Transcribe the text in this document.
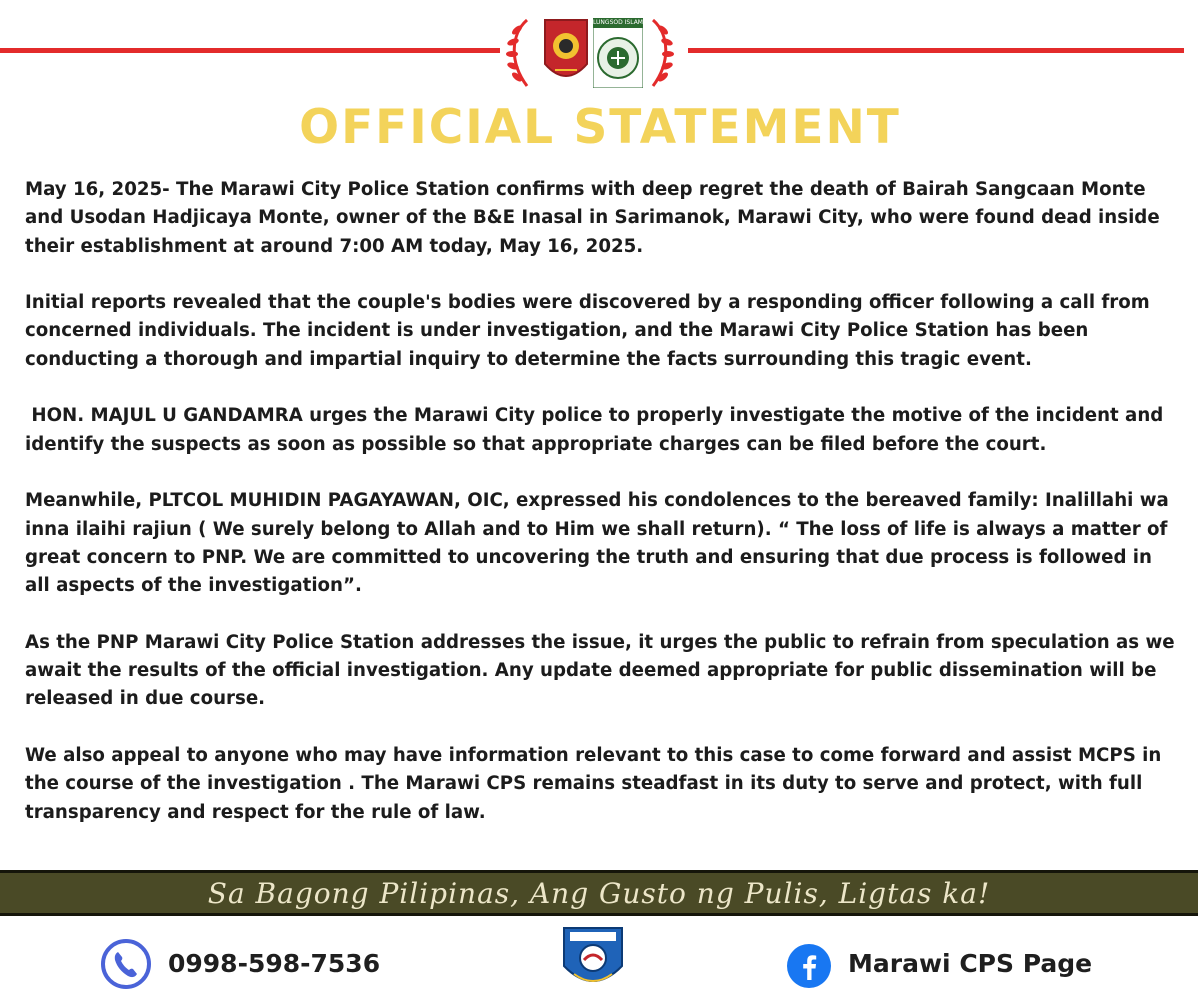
LUNGSOD ISLAM
OFFICIAL STATEMENT

May 16, 2025- The Marawi City Police Station confirms with deep regret the death of Bairah Sangcaan Monte and Usodan Hadjicaya Monte, owner of the B&E Inasal in Sarimanok, Marawi City, who were found dead inside their establishment at around 7:00 AM today, May 16, 2025.

Initial reports revealed that the couple's bodies were discovered by a responding officer following a call from concerned individuals. The incident is under investigation, and the Marawi City Police Station has been conducting a thorough and impartial inquiry to determine the facts surrounding this tragic event.

HON. MAJUL U GANDAMRA urges the Marawi City police to properly investigate the motive of the incident and identify the suspects as soon as possible so that appropriate charges can be filed before the court.

Meanwhile, PLTCOL MUHIDIN PAGAYAWAN, OIC, expressed his condolences to the bereaved family: Inalillahi wa inna ilaihi rajiun ( We surely belong to Allah and to Him we shall return). “ The loss of life is always a matter of great concern to PNP. We are committed to uncovering the truth and ensuring that due process is followed in all aspects of the investigation”.

As the PNP Marawi City Police Station addresses the issue, it urges the public to refrain from speculation as we await the results of the official investigation. Any update deemed appropriate for public dissemination will be released in due course.

We also appeal to anyone who may have information relevant to this case to come forward and assist MCPS in the course of the investigation . The Marawi CPS remains steadfast in its duty to serve and protect, with full transparency and respect for the rule of law.

Sa Bagong Pilipinas, Ang Gusto ng Pulis, Ligtas ka!
0998-598-7536	Marawi CPS Page
